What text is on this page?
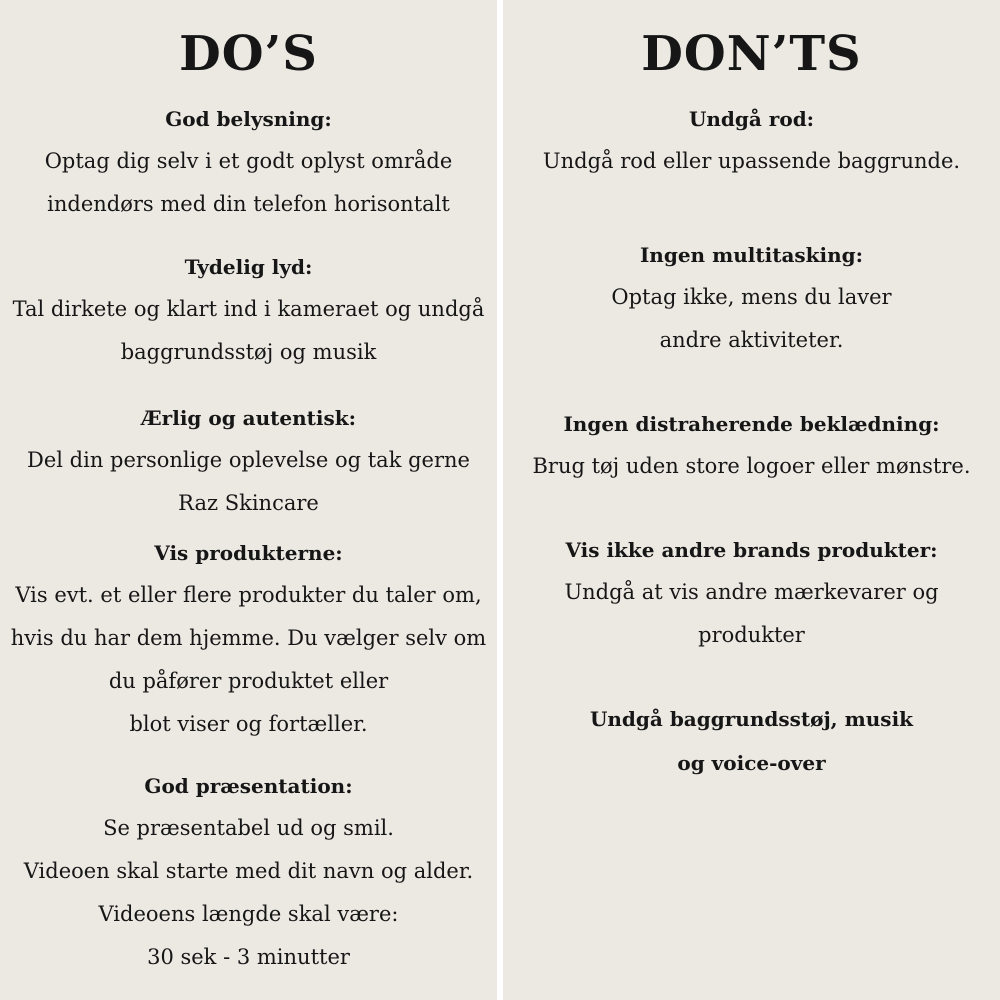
DO’S
God belysning:
Optag dig selv i et godt oplyst område
indendørs med din telefon horisontalt
Tydelig lyd:
Tal dirkete og klart ind i kameraet og undgå
baggrundsstøj og musik
Ærlig og autentisk:
Del din personlige oplevelse og tak gerne
Raz Skincare
Vis produkterne:
Vis evt. et eller flere produkter du taler om,
hvis du har dem hjemme. Du vælger selv om
du påfører produktet eller
blot viser og fortæller.
God præsentation:
Se præsentabel ud og smil.
Videoen skal starte med dit navn og alder.
Videoens længde skal være:
30 sek - 3 minutter
DON’TS
Undgå rod:
Undgå rod eller upassende baggrunde.
Ingen multitasking:
Optag ikke, mens du laver
andre aktiviteter.
Ingen distraherende beklædning:
Brug tøj uden store logoer eller mønstre.
Vis ikke andre brands produkter:
Undgå at vis andre mærkevarer og
produkter
Undgå baggrundsstøj, musik
og voice-over
